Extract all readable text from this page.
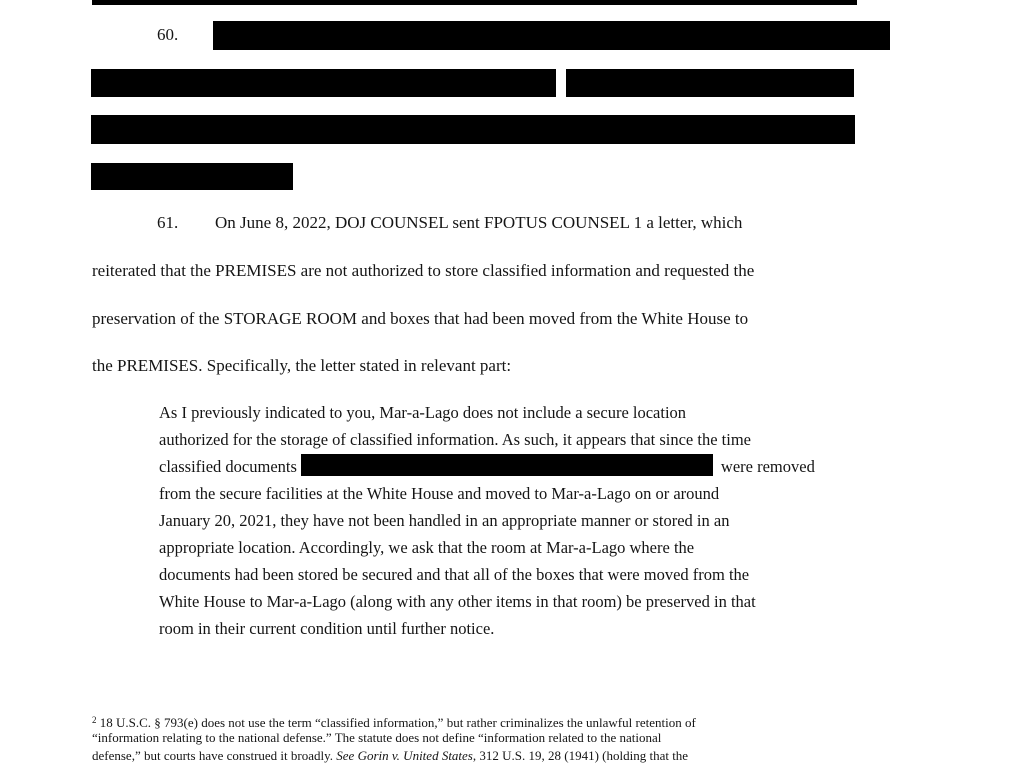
60.
61. On June 8, 2022, DOJ COUNSEL sent FPOTUS COUNSEL 1 a letter, which
reiterated that the PREMISES are not authorized to store classified information and requested the
preservation of the STORAGE ROOM and boxes that had been moved from the White House to
the PREMISES. Specifically, the letter stated in relevant part:
As I previously indicated to you, Mar-a-Lago does not include a secure location
authorized for the storage of classified information. As such, it appears that since the time
classified documents	were removed
from the secure facilities at the White House and moved to Mar-a-Lago on or around
January 20, 2021, they have not been handled in an appropriate manner or stored in an
appropriate location. Accordingly, we ask that the room at Mar-a-Lago where the
documents had been stored be secured and that all of the boxes that were moved from the
White House to Mar-a-Lago (along with any other items in that room) be preserved in that
room in their current condition until further notice.
$^2$ 18 U.S.C. § 793(e) does not use the term “classified information,” but rather criminalizes the unlawful retention of
“information relating to the national defense.” The statute does not define “information related to the national
defense,” but courts have construed it broadly. See Gorin v. United States, 312 U.S. 19, 28 (1941) (holding that the
